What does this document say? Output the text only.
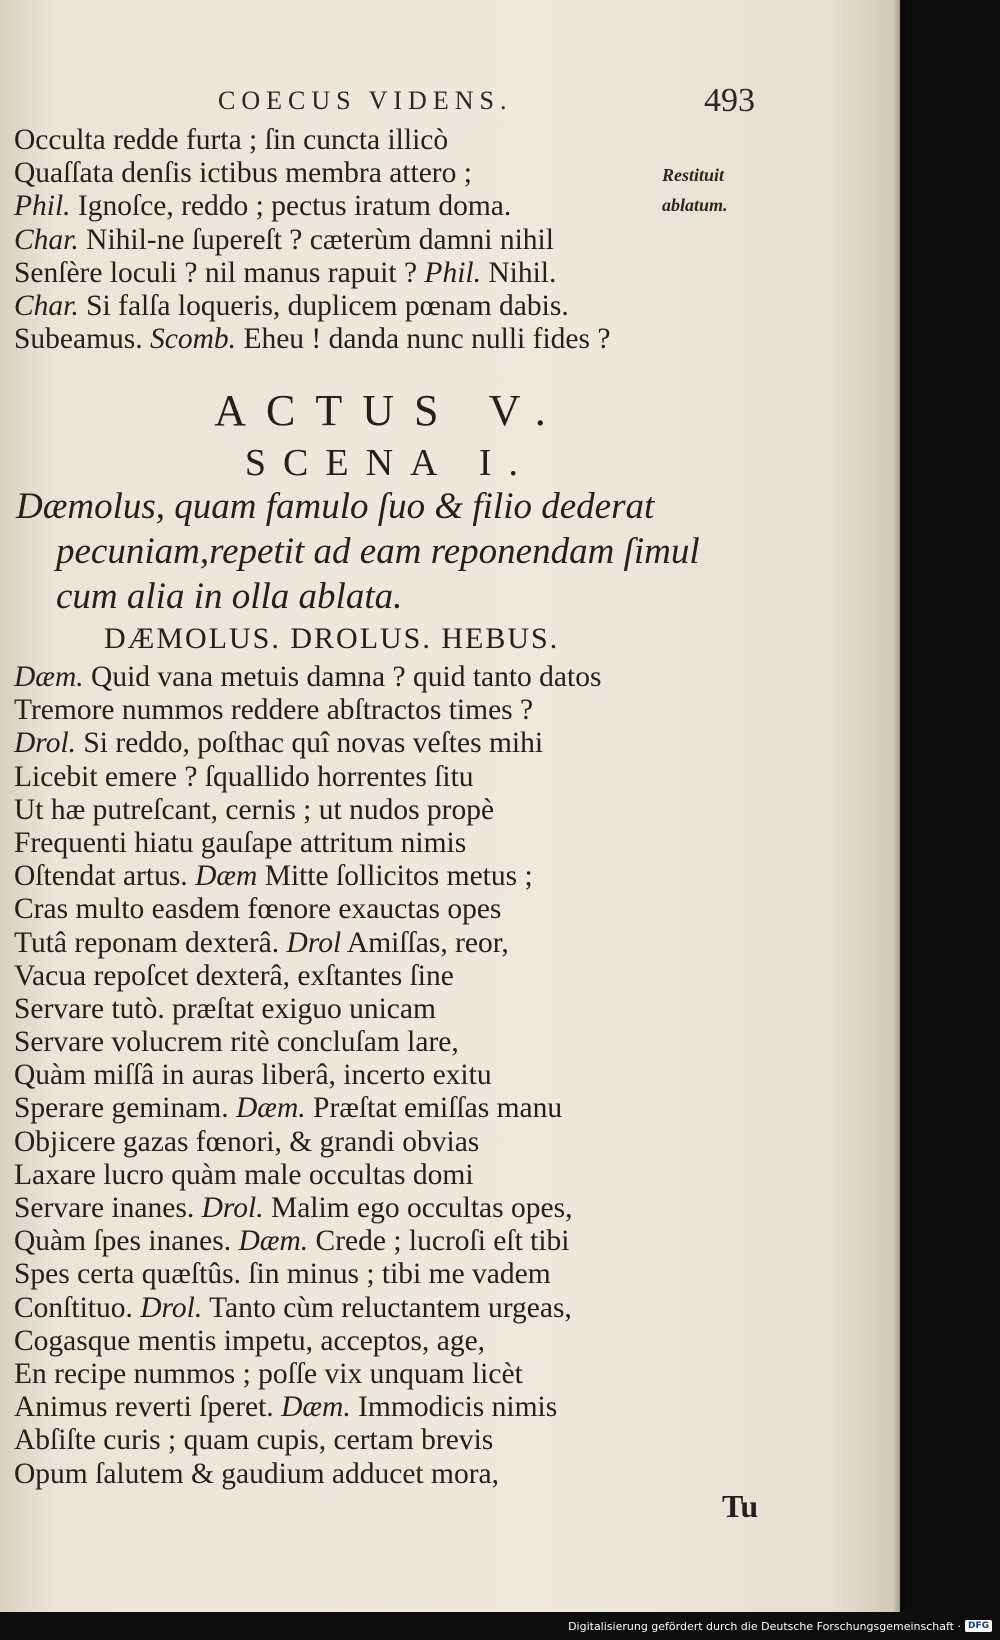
COECUS VIDENS.	493
Restituit
ablatum.
Occulta redde furta ; ſin cuncta illicò
Quaſſata denſis ictibus membra attero ;
Phil. Ignoſce, reddo ; pectus iratum doma.
Char. Nihil-ne ſupereſt ? cæterùm damni nihil
Senſère loculi ? nil manus rapuit ? Phil. Nihil.
Char. Si falſa loqueris, duplicem pœnam dabis.
Subeamus. Scomb. Eheu ! danda nunc nulli fides ?
ACTUS V.
SCENA I.
Dæmolus, quam famulo ſuo & filio dederat
pecuniam,repetit ad eam reponendam ſimul
cum alia in olla ablata.
DÆMOLUS. DROLUS. HEBUS.
Dæm. Quid vana metuis damna ? quid tanto datos
Tremore nummos reddere abſtractos times ?
Drol. Si reddo, poſthac quî novas veſtes mihi
Licebit emere ? ſquallido horrentes ſitu
Ut hæ putreſcant, cernis ; ut nudos propè
Frequenti hiatu gauſape attritum nimis
Oſtendat artus. Dæm Mitte ſollicitos metus ;
Cras multo easdem fœnore exauctas opes
Tutâ reponam dexterâ. Drol Amiſſas, reor,
Vacua repoſcet dexterâ, exſtantes ſine
Servare tutò. præſtat exiguo unicam
Servare volucrem ritè concluſam lare,
Quàm miſſâ in auras liberâ, incerto exitu
Sperare geminam. Dæm. Præſtat emiſſas manu
Objicere gazas fœnori, & grandi obvias
Laxare lucro quàm male occultas domi
Servare inanes. Drol. Malim ego occultas opes,
Quàm ſpes inanes. Dæm. Crede ; lucroſi eſt tibi
Spes certa quæſtûs. ſin minus ; tibi me vadem
Conſtituo. Drol. Tanto cùm reluctantem urgeas,
Cogasque mentis impetu, acceptos, age,
En recipe nummos ; poſſe vix unquam licèt
Animus reverti ſperet. Dæm. Immodicis nimis
Abſiſte curis ; quam cupis, certam brevis
Opum ſalutem & gaudium adducet mora,
Tu
Digitalisierung gefördert durch die Deutsche Forschungsgemeinschaft · DFG
